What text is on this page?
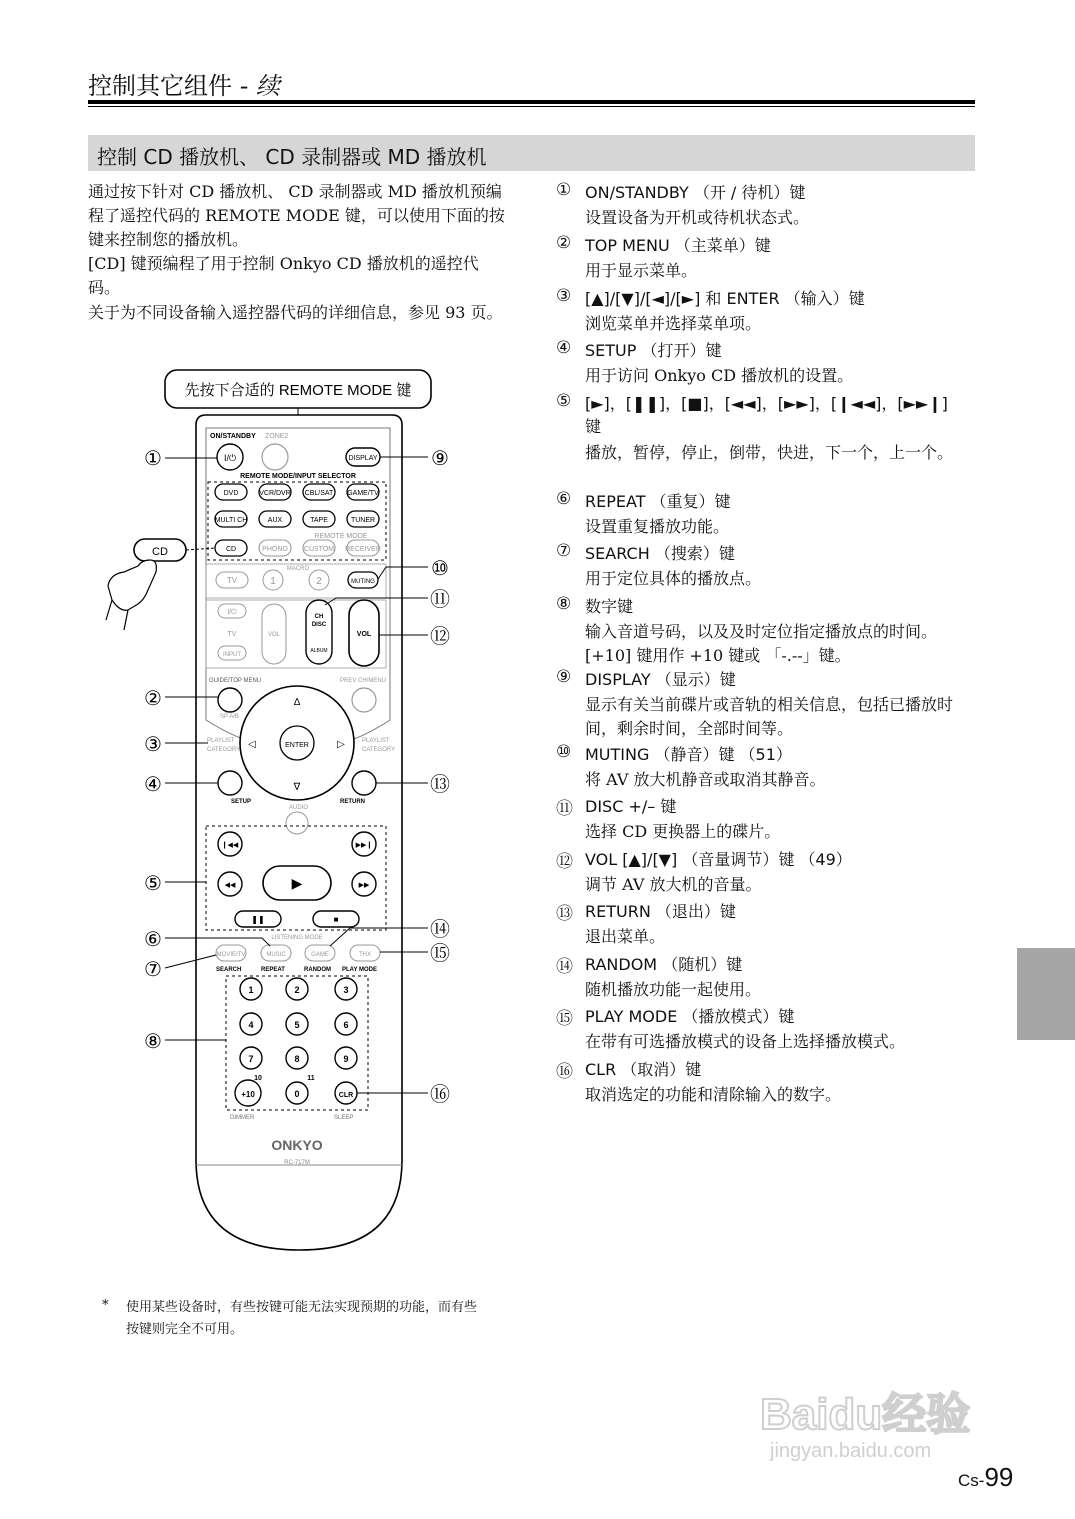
控制其它组件 - 续
控制 CD 播放机、 CD 录制器或 MD 播放机
通过按下针对 CD 播放机、 CD 录制器或 MD 播放机预编程了遥控代码的 REMOTE MODE 键，可以使用下面的按键来控制您的播放机。
[CD] 键预编程了用于控制 Onkyo CD 播放机的遥控代码。
关于为不同设备输入遥控器代码的详细信息，参见 93 页。
先按下合适的 REMOTE MODE 键
ON/STANDBY ZONE2
I/⏻	DISPLAY
REMOTE MODE/INPUT SELECTOR
DVD	VCR/DVR CBL/SAT GAME/TV
MULTI CH	AUX	TAPE	TUNER
CD	PHONO CUSTOM RECEIVER
REMOTE MODE
CD
TV
MACRO
1	2	MUTING
I/⏻
TV
INPUT
VOL
CH
DISC
ALBUM
VOL
GUIDE/TOP MENU	PREV CH/MENU
SP A/B
ENTER
∆
∇
◁	▷
PLAYLIST
CATEGORY
PLAYLIST
CATEGORY
SETUP	RETURN
AUDIO
❙◀◀	▶▶❙
◀◀	▶	▶▶
❚❚	■
LISTENING MODE
MOVIE/TV	MUSIC	GAME	THX
SEARCH	REPEAT	RANDOM PLAY MODE
1	2	3
4	5	6
7	8	9
+10	0	CLR
10	11
DIMMER	SLEEP
ONKYO
RC-717M
①
②
③
④
⑤
⑥
⑦
⑧
⑨
⑩
⑪
⑫
⑬
⑭
⑮
⑯
① ON/STANDBY （开 / 待机）键
设置设备为开机或待机状态式。
② TOP MENU （主菜单）键
用于显示菜单。
③ [▲]/[▼]/[◄]/[►] 和 ENTER （输入）键
浏览菜单并选择菜单项。
④ SETUP （打开）键
用于访问 Onkyo CD 播放机的设置。
⑤ [►]，[❚❚]，[■]，[◄◄]，[►►]，[❙◄◄]，[►►❙]
键
播放，暂停，停止，倒带，快进，下一个，上一个。
⑥ REPEAT （重复）键
设置重复播放功能。
⑦ SEARCH （搜索）键
用于定位具体的播放点。
⑧ 数字键
输入音道号码，以及及时定位指定播放点的时间。 [+10] 键用作 +10 键或 「-.--」键。
⑨ DISPLAY （显示）键
显示有关当前碟片或音轨的相关信息，包括已播放时间，剩余时间，全部时间等。
⑩ MUTING （静音）键 （51）
将 AV 放大机静音或取消其静音。
⑪ DISC +/– 键
选择 CD 更换器上的碟片。
⑫ VOL [▲]/[▼] （音量调节）键 （49）
调节 AV 放大机的音量。
⑬ RETURN （退出）键
退出菜单。
⑭ RANDOM （随机）键
随机播放功能一起使用。
⑮ PLAY MODE （播放模式）键
在带有可选播放模式的设备上选择播放模式。
⑯ CLR （取消）键
取消选定的功能和清除输入的数字。
* 使用某些设备时，有些按键可能无法实现预期的功能，而有些按键则完全不可用。
Baidu经验
jingyan.baidu.com
Cs-99
